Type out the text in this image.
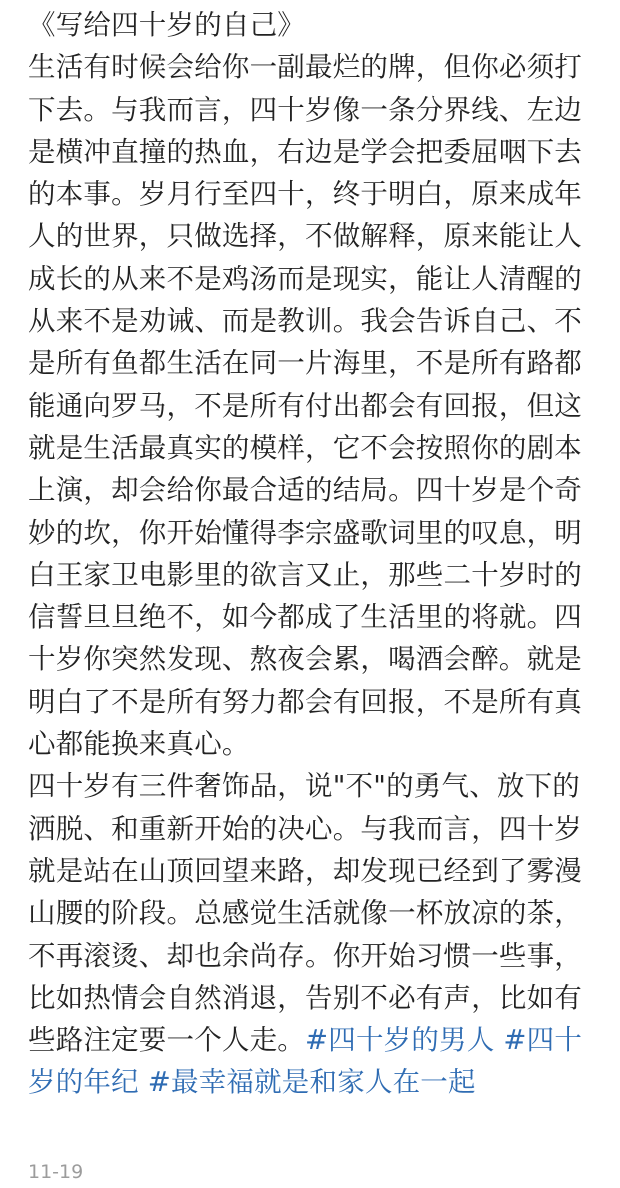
《写给四十岁的自己》
生活有时候会给你一副最烂的牌，但你必须打
下去。与我而言，四十岁像一条分界线、左边
是横冲直撞的热血，右边是学会把委屈咽下去
的本事。岁月行至四十，终于明白，原来成年
人的世界，只做选择，不做解释，原来能让人
成长的从来不是鸡汤而是现实，能让人清醒的
从来不是劝诫、而是教训。我会告诉自己、不
是所有鱼都生活在同一片海里，不是所有路都
能通向罗马，不是所有付出都会有回报，但这
就是生活最真实的模样，它不会按照你的剧本
上演，却会给你最合适的结局。四十岁是个奇
妙的坎，你开始懂得李宗盛歌词里的叹息，明
白王家卫电影里的欲言又止，那些二十岁时的
信誓旦旦绝不，如今都成了生活里的将就。四
十岁你突然发现、熬夜会累，喝酒会醉。就是
明白了不是所有努力都会有回报，不是所有真
心都能换来真心。
四十岁有三件奢饰品，说"不"的勇气、放下的
洒脱、和重新开始的决心。与我而言，四十岁
就是站在山顶回望来路，却发现已经到了雾漫
山腰的阶段。总感觉生活就像一杯放凉的茶，
不再滚烫、却也余尚存。你开始习惯一些事，
比如热情会自然消退，告别不必有声，比如有
些路注定要一个人走。#四十岁的男人 #四十
岁的年纪 #最幸福就是和家人在一起
11-19
